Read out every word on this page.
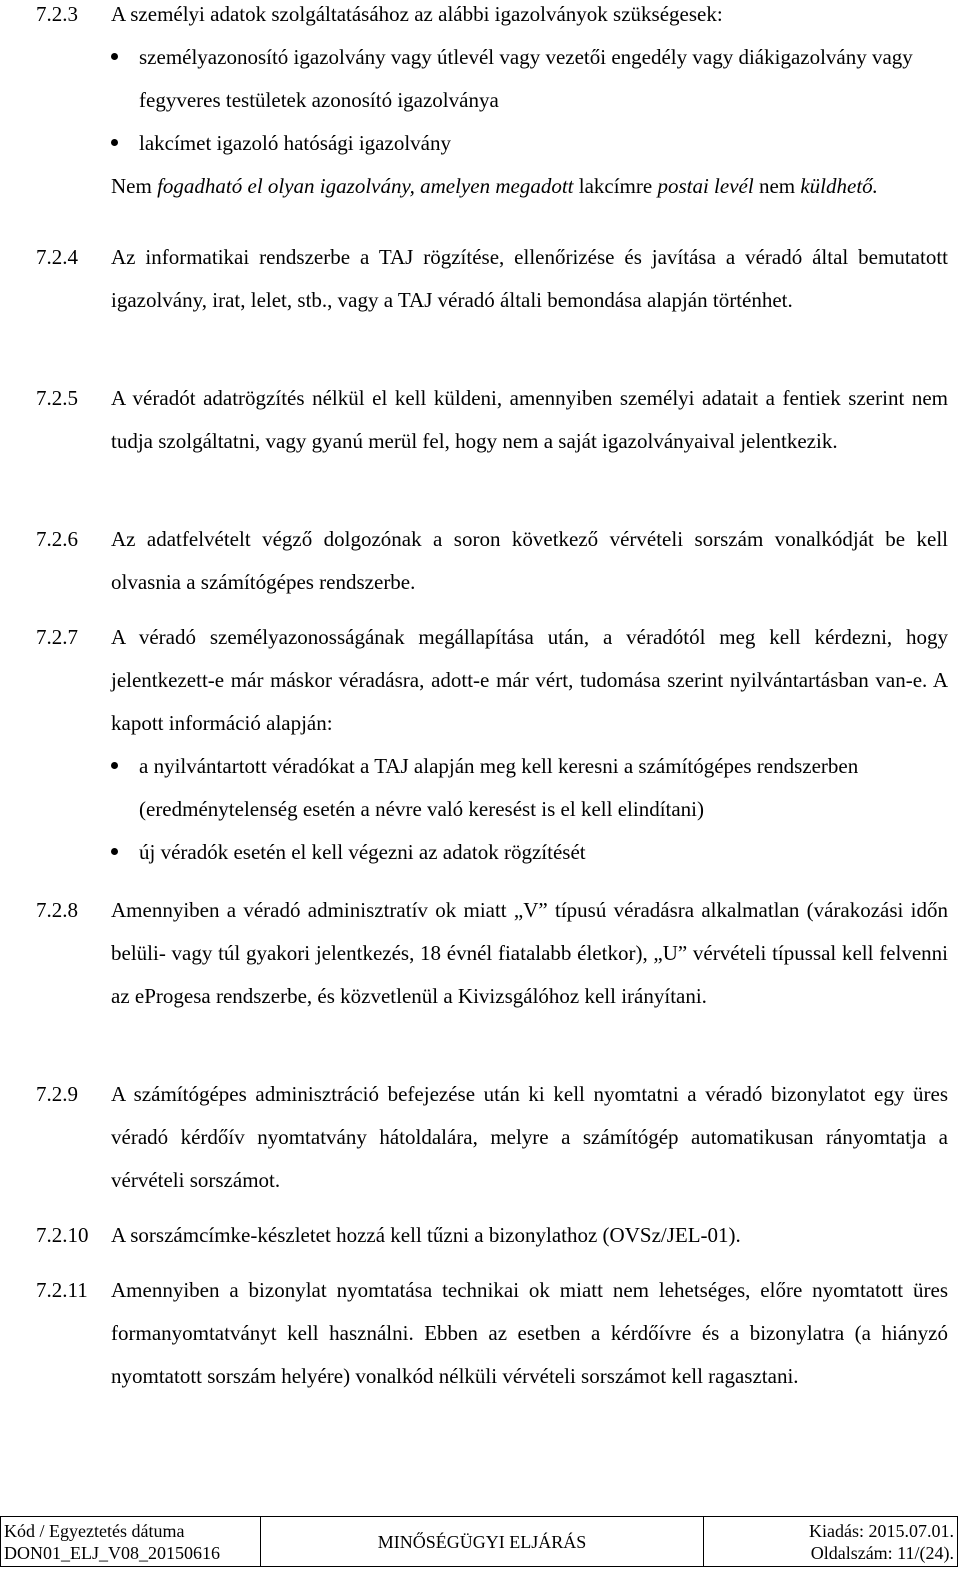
7.2.3	A személyi adatok szolgáltatásához az alábbi igazolványok szükségesek:

személyazonosító igazolvány vagy útlevél vagy vezetői engedély vagy diákigazolvány vagy fegyveres testületek azonosító igazolványa
lakcímet igazoló hatósági igazolvány

Nem fogadható el olyan igazolvány, amelyen megadott lakcímre postai levél nem küldhető.

7.2.4	Az informatikai rendszerbe a TAJ rögzítése, ellenőrizése és javítása a véradó által bemutatott igazolvány, irat, lelet, stb., vagy a TAJ véradó általi bemondása alapján történhet.

7.2.5	A véradót adatrögzítés nélkül el kell küldeni, amennyiben személyi adatait a fentiek szerint nem tudja szolgáltatni, vagy gyanú merül fel, hogy nem a saját igazolványaival jelentkezik.

7.2.6	Az adatfelvételt végző dolgozónak a soron következő vérvételi sorszám vonalkódját be kell olvasnia a számítógépes rendszerbe.

7.2.7	A véradó személyazonosságának megállapítása után, a véradótól meg kell kérdezni, hogy jelentkezett-e már máskor véradásra, adott-e már vért, tudomása szerint nyilvántartásban van-e. A kapott információ alapján:

a nyilvántartott véradókat a TAJ alapján meg kell keresni a számítógépes rendszerben (eredménytelenség esetén a névre való keresést is el kell elindítani)
új véradók esetén el kell végezni az adatok rögzítését
7.2.8	Amennyiben a véradó adminisztratív ok miatt „V” típusú véradásra alkalmatlan (várakozási időn belüli- vagy túl gyakori jelentkezés, 18 évnél fiatalabb életkor), „U” vérvételi típussal kell felvenni az eProgesa rendszerbe, és közvetlenül a Kivizsgálóhoz kell irányítani.

7.2.9	A számítógépes adminisztráció befejezése után ki kell nyomtatni a véradó bizonylatot egy üres véradó kérdőív nyomtatvány hátoldalára, melyre a számítógép automatikusan rányomtatja a vérvételi sorszámot.

7.2.10	A sorszámcímke-készletet hozzá kell tűzni a bizonylathoz (OVSz/JEL-01).

7.2.11	Amennyiben a bizonylat nyomtatása technikai ok miatt nem lehetséges, előre nyomtatott üres formanyomtatványt kell használni. Ebben az esetben a kérdőívre és a bizonylatra (a hiányzó nyomtatott sorszám helyére) vonalkód nélküli vérvételi sorszámot kell ragasztani.

Kód / Egyeztetés dátuma
DON01_ELJ_V08_20150616
	MINŐSÉGÜGYI ELJÁRÁS	
Kiadás: 2015.07.01.
Oldalszám: 11/(24).
